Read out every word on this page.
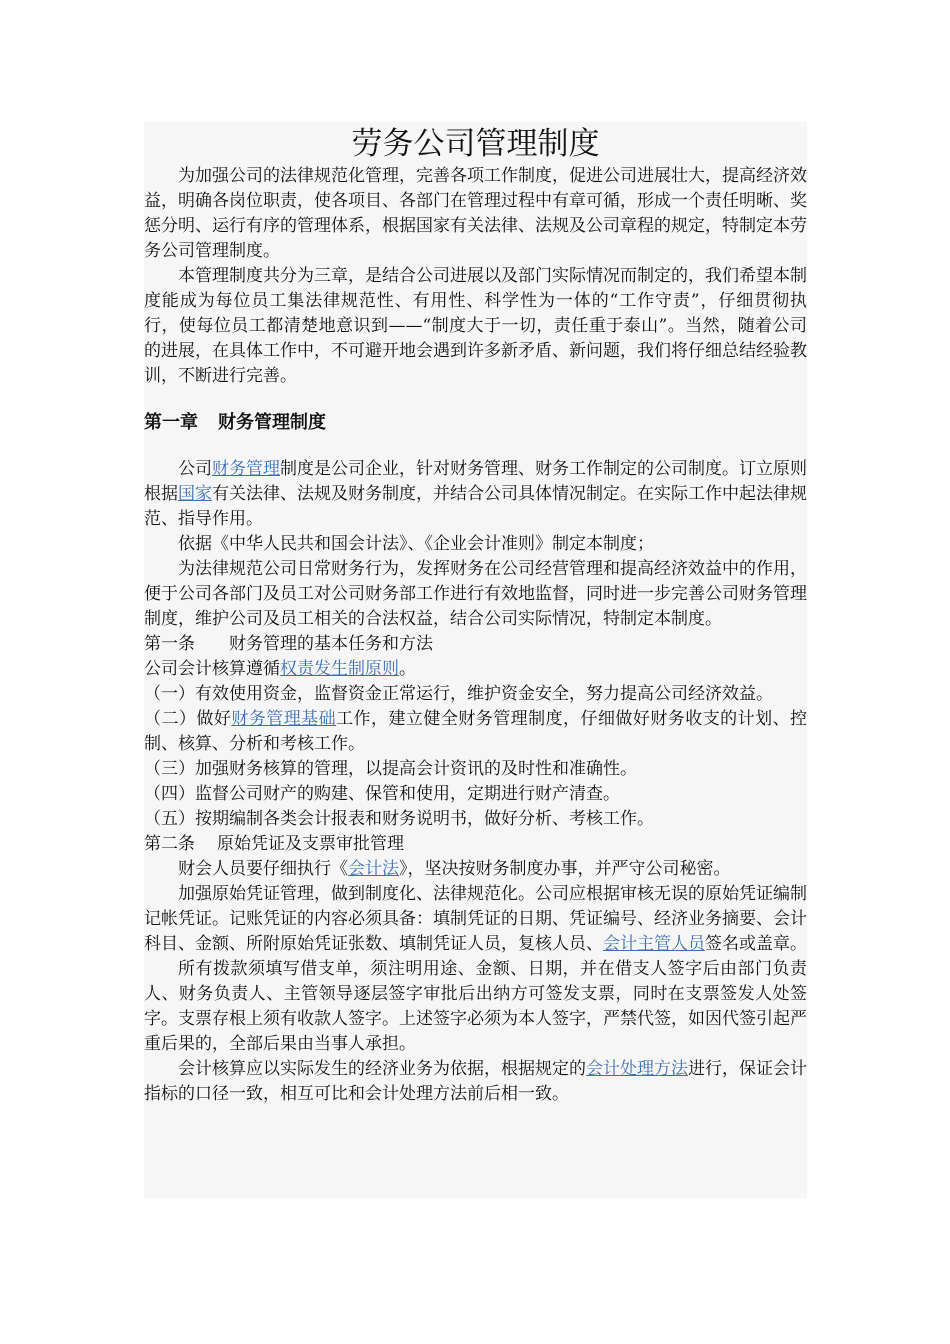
劳务公司管理制度

为加强公司的法律规范化管理，完善各项工作制度，促进公司进展壮大，提高经济效益，明确各岗位职责，使各项目、各部门在管理过程中有章可循，形成一个责任明晰、奖惩分明、运行有序的管理体系，根据国家有关法律、法规及公司章程的规定，特制定本劳务公司管理制度。

本管理制度共分为三章，是结合公司进展以及部门实际情况而制定的，我们希望本制度能成为每位员工集法律规范性、有用性、科学性为一体的“工作守责”，仔细贯彻执行，使每位员工都清楚地意识到——“制度大于一切，责任重于泰山”。当然，随着公司的进展，在具体工作中，不可避开地会遇到许多新矛盾、新问题，我们将仔细总结经验教训，不断进行完善。

第一章 财务管理制度

公司财务管理制度是公司企业，针对财务管理、财务工作制定的公司制度。订立原则根据国家有关法律、法规及财务制度，并结合公司具体情况制定。在实际工作中起法律规范、指导作用。

依据《中华人民共和国会计法》、《企业会计准则》制定本制度；

为法律规范公司日常财务行为，发挥财务在公司经营管理和提高经济效益中的作用，便于公司各部门及员工对公司财务部工作进行有效地监督，同时进一步完善公司财务管理制度，维护公司及员工相关的合法权益，结合公司实际情况，特制定本制度。

第一条 财务管理的基本任务和方法

公司会计核算遵循权责发生制原则。

（一）有效使用资金，监督资金正常运行，维护资金安全，努力提高公司经济效益。

（二）做好财务管理基础工作，建立健全财务管理制度，仔细做好财务收支的计划、控制、核算、分析和考核工作。

（三）加强财务核算的管理，以提高会计资讯的及时性和准确性。

（四）监督公司财产的购建、保管和使用，定期进行财产清查。

（五）按期编制各类会计报表和财务说明书，做好分析、考核工作。

第二条 原始凭证及支票审批管理

财会人员要仔细执行《会计法》，坚决按财务制度办事，并严守公司秘密。

加强原始凭证管理，做到制度化、法律规范化。公司应根据审核无误的原始凭证编制记帐凭证。记账凭证的内容必须具备：填制凭证的日期、凭证编号、经济业务摘要、会计科目、金额、所附原始凭证张数、填制凭证人员，复核人员、会计主管人员签名或盖章。

所有拨款须填写借支单，须注明用途、金额、日期，并在借支人签字后由部门负责人、财务负责人、主管领导逐层签字审批后出纳方可签发支票，同时在支票签发人处签字。支票存根上须有收款人签字。上述签字必须为本人签字，严禁代签，如因代签引起严重后果的，全部后果由当事人承担。

会计核算应以实际发生的经济业务为依据，根据规定的会计处理方法进行，保证会计指标的口径一致，相互可比和会计处理方法前后相一致。
